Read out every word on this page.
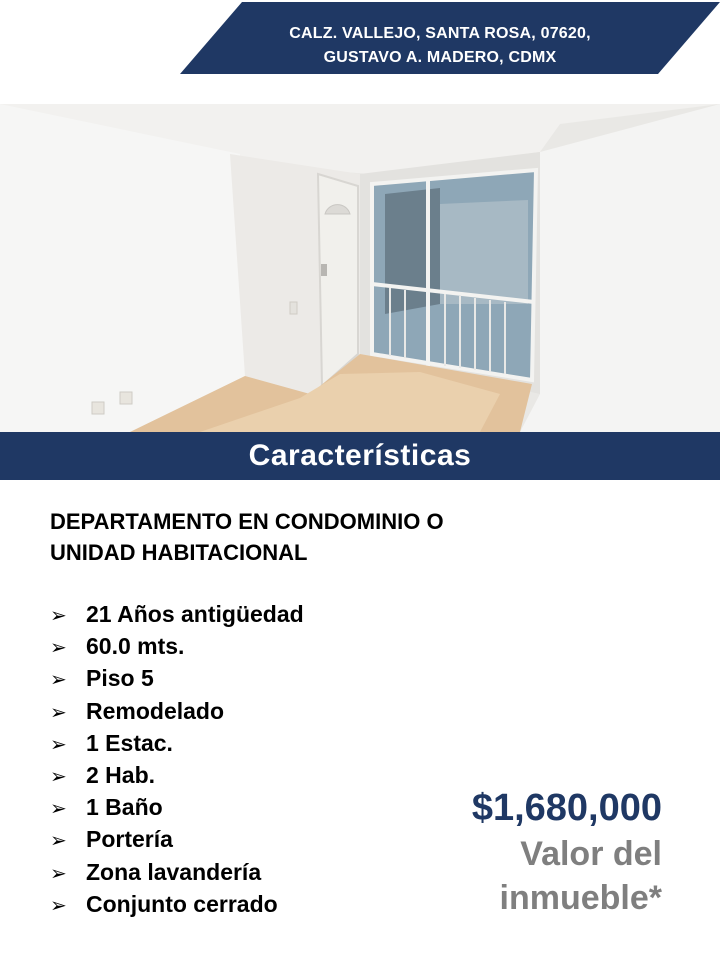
CALZ. VALLEJO, SANTA ROSA, 07620,
GUSTAVO A. MADERO, CDMX
Características
DEPARTAMENTO EN CONDOMINIO O
UNIDAD HABITACIONAL
➢ 21 Años antigüedad
➢ 60.0 mts.
➢ Piso 5
➢ Remodelado
➢ 1 Estac.
➢ 2 Hab.
➢ 1 Baño
➢ Portería
➢ Zona lavandería
➢ Conjunto cerrado
$1,680,000
Valor del
inmueble*
